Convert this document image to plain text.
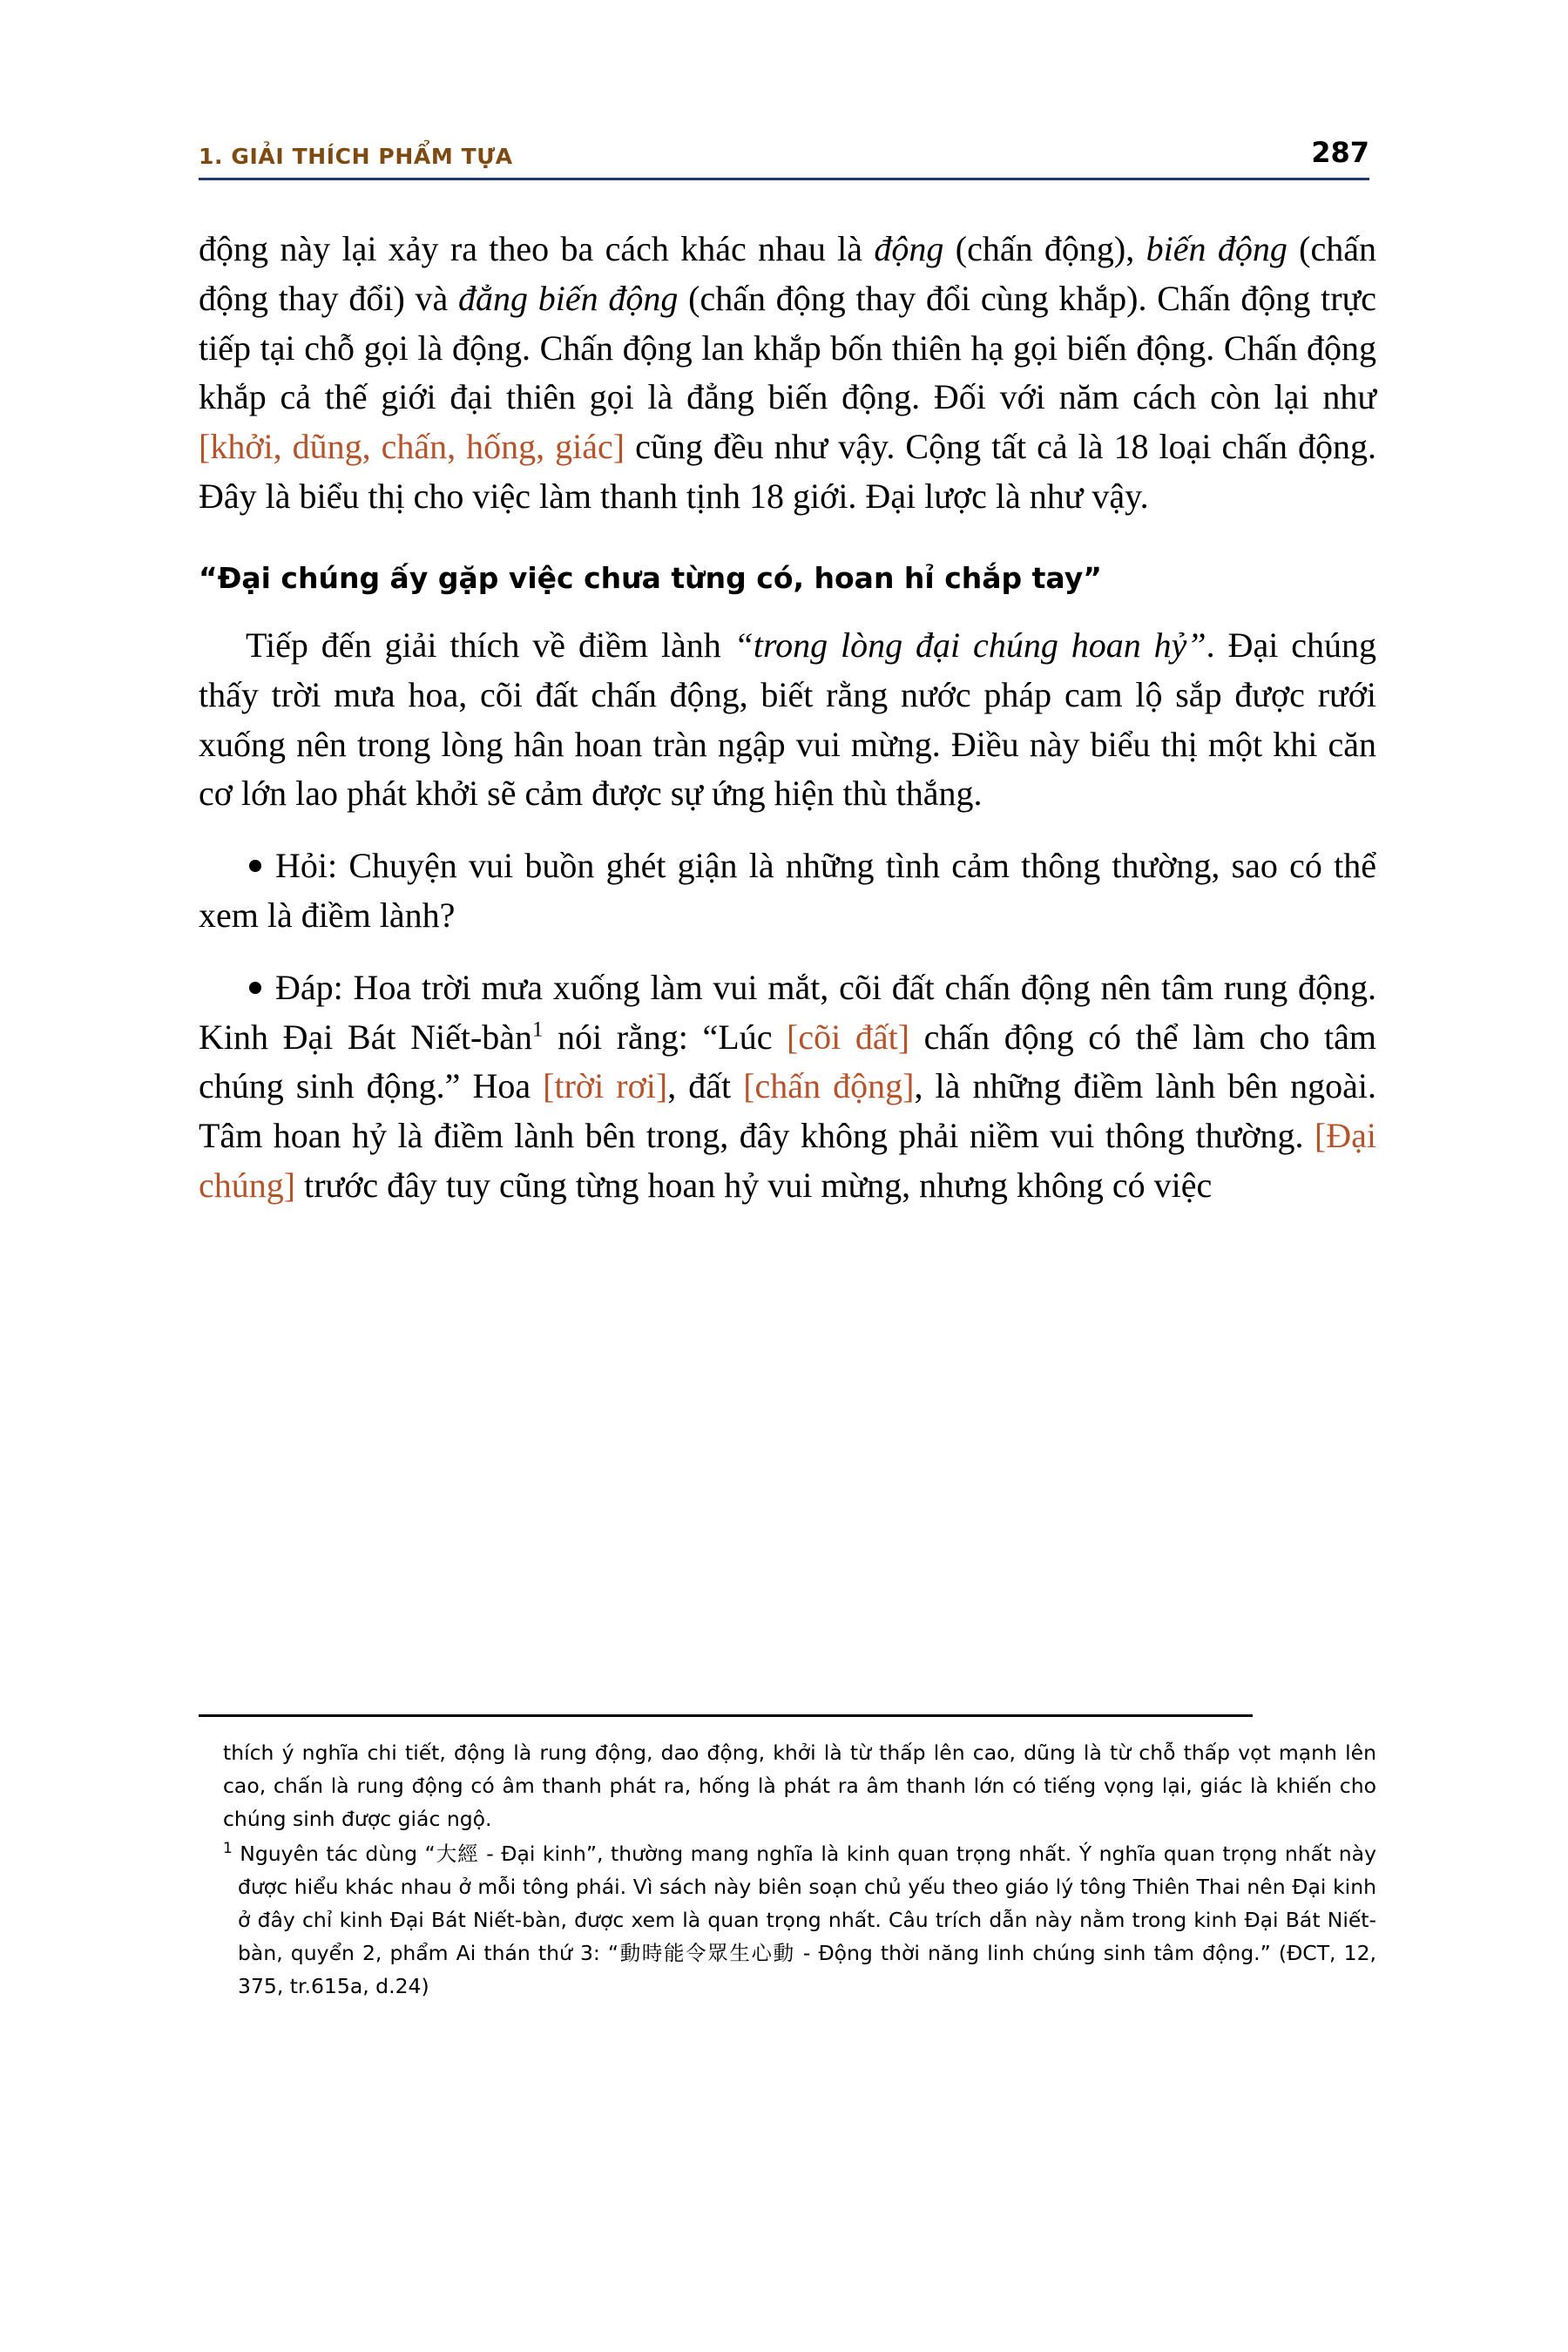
1. GIẢI THÍCH PHẨM TỰA	287

động này lại xảy ra theo ba cách khác nhau là động (chấn động), biến động (chấn động thay đổi) và đẳng biến động (chấn động thay đổi cùng khắp). Chấn động trực tiếp tại chỗ gọi là động. Chấn động lan khắp bốn thiên hạ gọi biến động. Chấn động khắp cả thế giới đại thiên gọi là đẳng biến động. Đối với năm cách còn lại như [khởi, dũng, chấn, hống, giác] cũng đều như vậy. Cộng tất cả là 18 loại chấn động. Đây là biểu thị cho việc làm thanh tịnh 18 giới. Đại lược là như vậy.

“Đại chúng ấy gặp việc chưa từng có, hoan hỉ chắp tay”

Tiếp đến giải thích về điềm lành “trong lòng đại chúng hoan hỷ”. Đại chúng thấy trời mưa hoa, cõi đất chấn động, biết rằng nước pháp cam lộ sắp được rưới xuống nên trong lòng hân hoan tràn ngập vui mừng. Điều này biểu thị một khi căn cơ lớn lao phát khởi sẽ cảm được sự ứng hiện thù thắng.

Hỏi: Chuyện vui buồn ghét giận là những tình cảm thông thường, sao có thể xem là điềm lành?

Đáp: Hoa trời mưa xuống làm vui mắt, cõi đất chấn động nên tâm rung động. Kinh Đại Bát Niết-bàn$^1$ nói rằng: “Lúc [cõi đất] chấn động có thể làm cho tâm chúng sinh động.” Hoa [trời rơi], đất [chấn động], là những điềm lành bên ngoài. Tâm hoan hỷ là điềm lành bên trong, đây không phải niềm vui thông thường. [Đại chúng] trước đây tuy cũng từng hoan hỷ vui mừng, nhưng không có việc

thích ý nghĩa chi tiết, động là rung động, dao động, khởi là từ thấp lên cao, dũng là từ chỗ thấp vọt mạnh lên cao, chấn là rung động có âm thanh phát ra, hống là phát ra âm thanh lớn có tiếng vọng lại, giác là khiến cho chúng sinh được giác ngộ.

$^1$ Nguyên tác dùng “大經 - Đại kinh”, thường mang nghĩa là kinh quan trọng nhất. Ý nghĩa quan trọng nhất này được hiểu khác nhau ở mỗi tông phái. Vì sách này biên soạn chủ yếu theo giáo lý tông Thiên Thai nên Đại kinh ở đây chỉ kinh Đại Bát Niết-bàn, được xem là quan trọng nhất. Câu trích dẫn này nằm trong kinh Đại Bát Niết-bàn, quyển 2, phẩm Ai thán thứ 3: “動時能令眾生心動 - Động thời năng linh chúng sinh tâm động.” (ĐCT, 12, 375, tr.615a, d.24)
